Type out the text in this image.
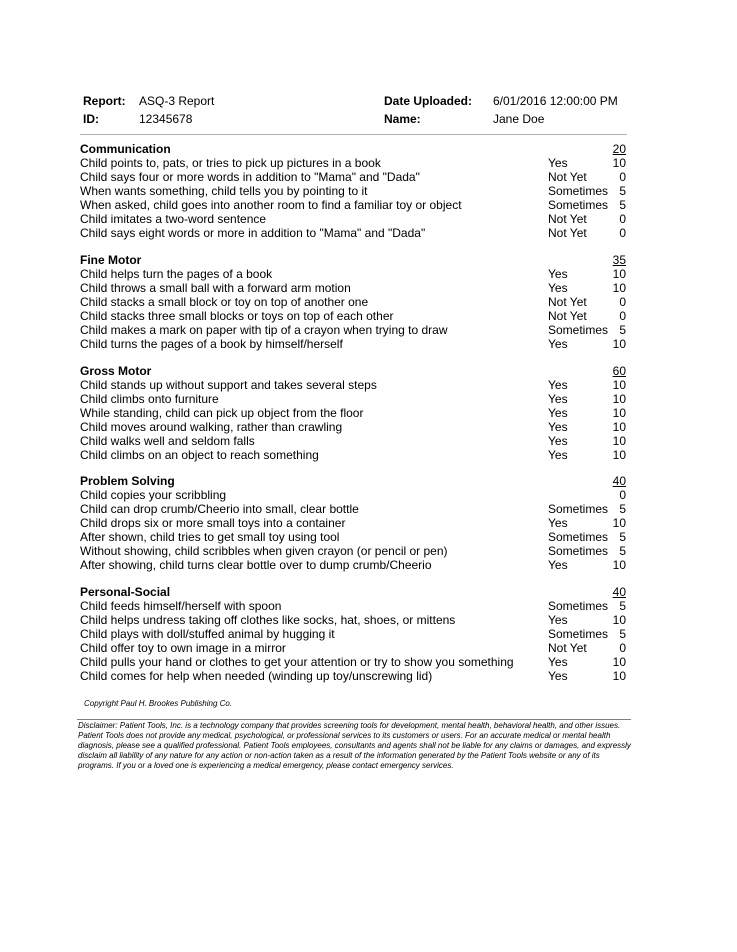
Report: ASQ-3 Report	Date Uploaded: 6/01/2016 12:00:00 PM
ID:	12345678	Name:	Jane Doe
Communication	20
Child points to, pats, or tries to pick up pictures in a book	Yes	10
Child says four or more words in addition to "Mama" and "Dada"	Not Yet	0
When wants something, child tells you by pointing to it	Sometimes 5
When asked, child goes into another room to find a familiar toy or object	Sometimes 5
Child imitates a two-word sentence	Not Yet	0
Child says eight words or more in addition to "Mama" and "Dada"	Not Yet	0
Fine Motor	35
Child helps turn the pages of a book	Yes	10
Child throws a small ball with a forward arm motion	Yes	10
Child stacks a small block or toy on top of another one	Not Yet	0
Child stacks three small blocks or toys on top of each other	Not Yet	0
Child makes a mark on paper with tip of a crayon when trying to draw	Sometimes 5
Child turns the pages of a book by himself/herself	Yes	10
Gross Motor	60
Child stands up without support and takes several steps	Yes	10
Child climbs onto furniture	Yes	10
While standing, child can pick up object from the floor	Yes	10
Child moves around walking, rather than crawling	Yes	10
Child walks well and seldom falls	Yes	10
Child climbs on an object to reach something	Yes	10
Problem Solving	40
Child copies your scribbling	0
Child can drop crumb/Cheerio into small, clear bottle	Sometimes 5
Child drops six or more small toys into a container	Yes	10
After shown, child tries to get small toy using tool	Sometimes 5
Without showing, child scribbles when given crayon (or pencil or pen)	Sometimes 5
After showing, child turns clear bottle over to dump crumb/Cheerio	Yes	10
Personal-Social	40
Child feeds himself/herself with spoon	Sometimes 5
Child helps undress taking off clothes like socks, hat, shoes, or mittens	Yes	10
Child plays with doll/stuffed animal by hugging it	Sometimes 5
Child offer toy to own image in a mirror	Not Yet	0
Child pulls your hand or clothes to get your attention or try to show you something	Yes	10
Child comes for help when needed (winding up toy/unscrewing lid)	Yes	10
Copyright Paul H. Brookes Publishing Co.
Disclaimer: Patient Tools, Inc. is a technology company that provides screening tools for development, mental health, behavioral health, and other issues. Patient Tools does not provide any medical, psychological, or professional services to its customers or users. For an accurate medical or mental health diagnosis, please see a qualified professional. Patient Tools employees, consultants and agents shall not be liable for any claims or damages, and expressly disclaim all liability of any nature for any action or non-action taken as a result of the information generated by the Patient Tools website or any of its programs. If you or a loved one is experiencing a medical emergency, please contact emergency services.
